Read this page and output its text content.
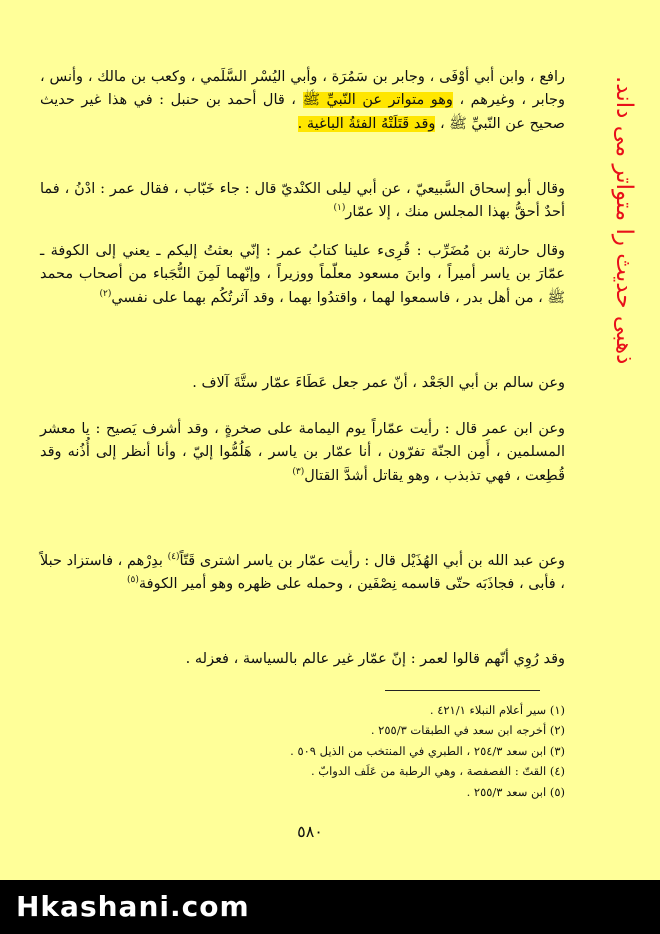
رافع ، وابن أبي أوْفَى ، وجابر بن سَمُرَة ، وأبي اليُسْر السَّلَمي ، وكعب بن مالك ، وأنس ، وجابر ، وغيرهم ، وهو متواتر عن النّبيِّ ﷺ ، قال أحمد بن حنبل : في هذا غير حديث صحيح عن النّبيِّ ﷺ ، وقد قَتَلَتْهُ الفئةُ الباغية .

وقال أبو إسحاق السَّبيعيّ ، عن أبي ليلى الكنْديّ قال : جاء خَبّاب ، فقال عمر : ادْنُ ، فما أحدٌ أحقُّ بهذا المجلس منك ، إلا عمّار$^{(١)}$

وقال حارثة بن مُضَرِّب : قُرِىء علينا كتابُ عمر : إنّي بعثتُ إليكم ـ يعني إلى الكوفة ـ عمّارَ بن ياسر أميراً ، وابنَ مسعود معلّماً ووزيراً ، وإنّهما لَمِنَ النُّجَباء من أصحاب محمد ﷺ ، من أهل بدر ، فاسمعوا لهما ، واقتدُوا بهما ، وقد آثرتُكُم بهما على نفسي$^{(٢)}$

وعن سالم بن أبي الجَعْد ، أنّ عمر جعل عَطَاءَ عمّار ستَّةَ آلاف .

وعن ابن عمر قال : رأيت عمّاراً يوم اليمامة على صخرةٍ ، وقد أشرف يَصيح : يا معشر المسلمين ، أَمِن الجنّة تفرّون ، أنا عمّار بن ياسر ، هَلُمُّوا إليّ ، وأنا أنظر إلى أُذُنه وقد قُطِعت ، فهي تذبذب ، وهو يقاتل أشدَّ القتال$^{(٣)}$

وعن عبد الله بن أبي الهُذَيْل قال : رأيت عمّار بن ياسر اشترى قَتّاً$^{(٤)}$ بدِرْهم ، فاستزاد حبلاً ، فأبى ، فجاذَبَه حتّى قاسمه نِصْفَين ، وحمله على ظهره وهو أمير الكوفة$^{(٥)}$

وقد رُوِي أنّهم قالوا لعمر : إنّ عمّار غير عالم بالسياسة ، فعزله .

ذهبی حدیث را متواتر می داند.
(١) سير أعلام النبلاء ٤٢١/١ .
(٢) أخرجه ابن سعد في الطبقات ٢٥٥/٣ .
(٣) ابن سعد ٢٥٤/٣ ، الطبري في المنتخب من الذيل ٥٠٩ .
(٤) القتّ : الفصفصة ، وهي الرطبة من عَلَف الدوابّ .
(٥) ابن سعد ٢٥٥/٣ .
٥٨٠
Hkashani.com
